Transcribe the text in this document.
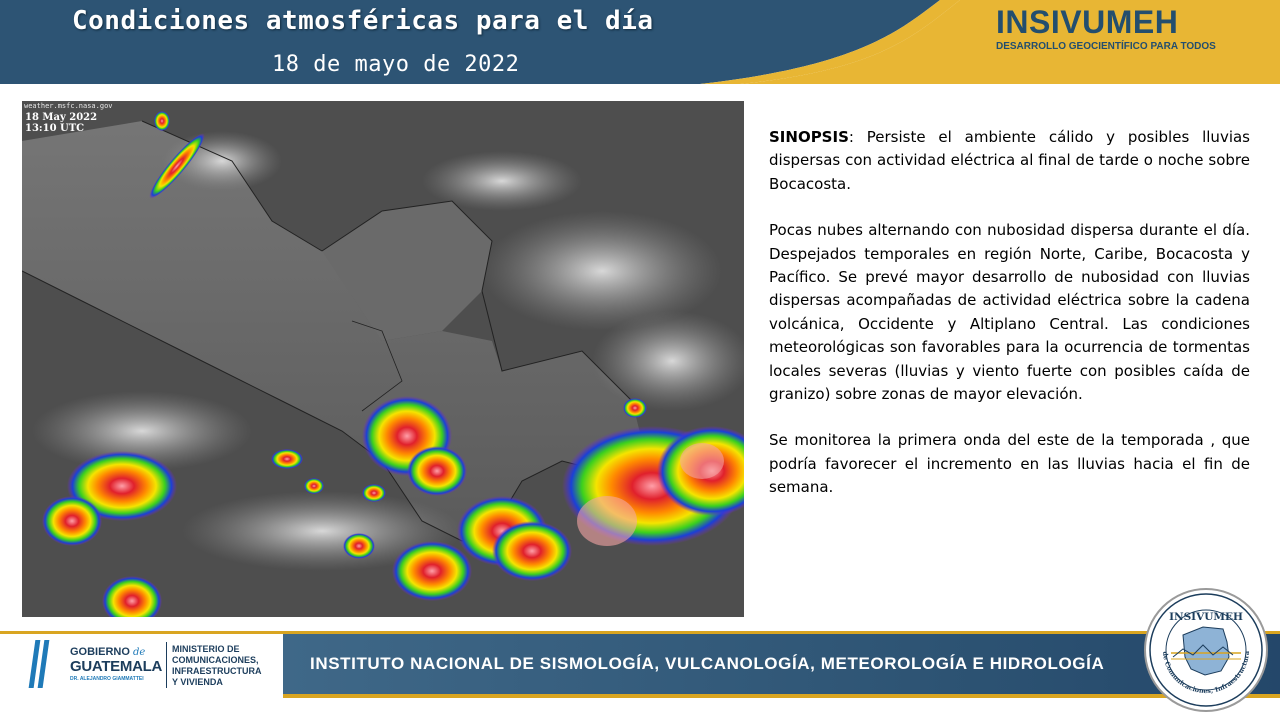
Condiciones atmosféricas para el día
18 de mayo de 2022
INSIVUMEH
DESARROLLO GEOCIENTÍFICO PARA TODOS
weather.msfc.nasa.gov
18 May 2022
13:10 UTC	SINOPSIS: Persiste el ambiente cálido y posibles lluvias dispersas con actividad eléctrica al final de tarde o noche sobre Bocacosta.

Pocas nubes alternando con nubosidad dispersa durante el día. Despejados temporales en región Norte, Caribe, Bocacosta y Pacífico. Se prevé mayor desarrollo de nubosidad con lluvias dispersas acompañadas de actividad eléctrica sobre la cadena volcánica, Occidente y Altiplano Central. Las condiciones meteorológicas son favorables para la ocurrencia de tormentas locales severas (lluvias y viento fuerte con posibles caída de granizo) sobre zonas de mayor elevación.

Se monitorea la primera onda del este de la temporada , que podría favorecer el incremento en las lluvias hacia el fin de semana.

GOBIERNO de
GUATEMALA
DR. ALEJANDRO GIAMMATTEI
MINISTERIO DE
COMUNICACIONES,
INFRAESTRUCTURA
Y VIVIENDA
INSTITUTO NACIONAL DE SISMOLOGÍA, VULCANOLOGÍA, METEOROLOGÍA E HIDROLOGÍA
de Comunicaciones, Infraestructura
INSIVUMEH
